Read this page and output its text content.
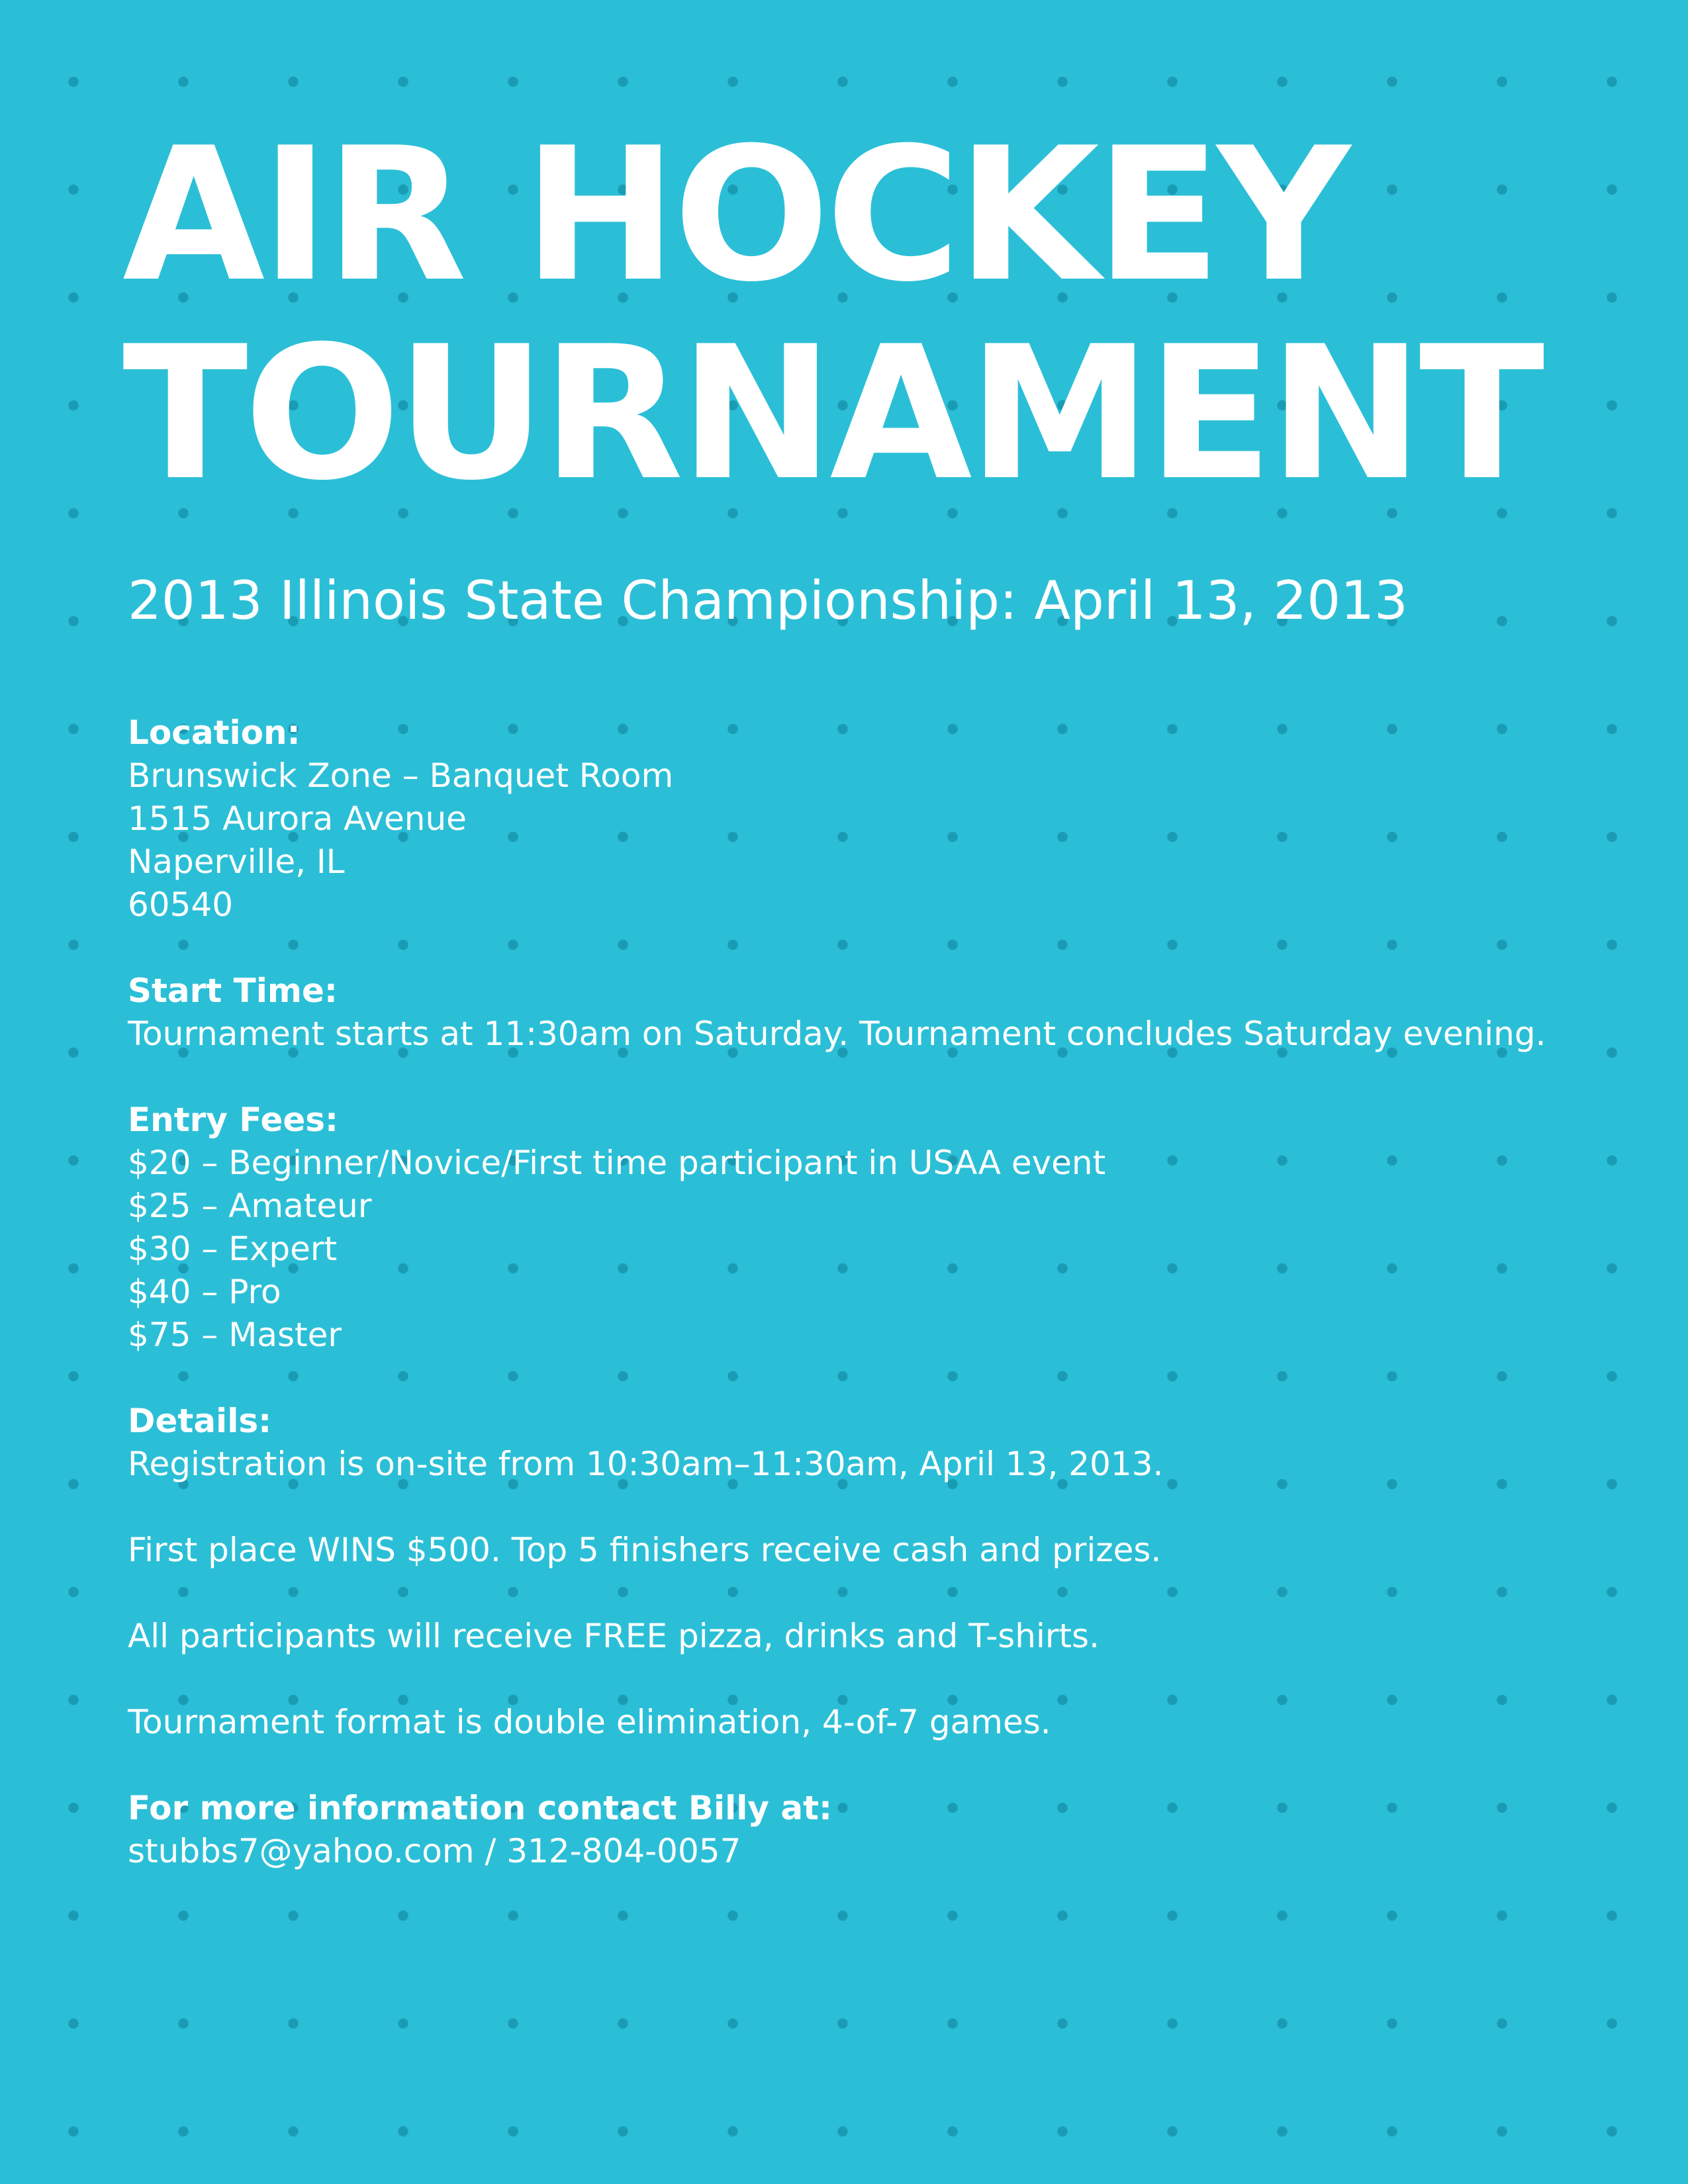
AIR HOCKEY
TOURNAMENT
2013 Illinois State Championship: April 13, 2013
Location:
Brunswick Zone – Banquet Room
1515 Aurora Avenue
Naperville, IL
60540
Start Time:
Tournament starts at 11:30am on Saturday. Tournament concludes Saturday evening.
Entry Fees:
$20 – Beginner/Novice/First time participant in USAA event
$25 – Amateur
$30 – Expert
$40 – Pro
$75 – Master
Details:
Registration is on-site from 10:30am–11:30am, April 13, 2013.
First place WINS $500. Top 5 finishers receive cash and prizes.
All participants will receive FREE pizza, drinks and T-shirts.
Tournament format is double elimination, 4-of-7 games.
For more information contact Billy at:
stubbs7@yahoo.com / 312-804-0057
